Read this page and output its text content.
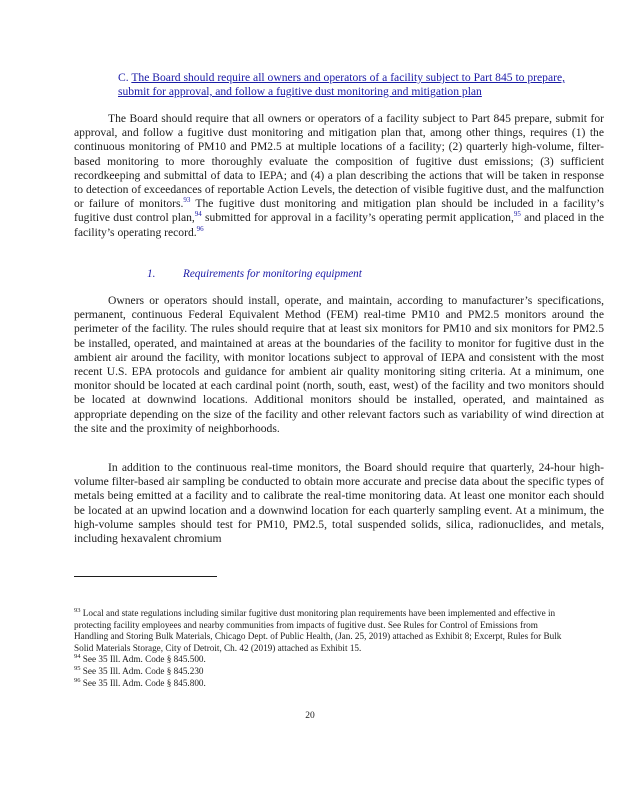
C. The Board should require all owners and operators of a facility subject to Part 845 to prepare, submit for approval, and follow a fugitive dust monitoring and mitigation plan
The Board should require that all owners or operators of a facility subject to Part 845 prepare, submit for approval, and follow a fugitive dust monitoring and mitigation plan that, among other things, requires (1) the continuous monitoring of PM10 and PM2.5 at multiple locations of a facility; (2) quarterly high-volume, filter-based monitoring to more thoroughly evaluate the composition of fugitive dust emissions; (3) sufficient recordkeeping and submittal of data to IEPA; and (4) a plan describing the actions that will be taken in response to detection of exceedances of reportable Action Levels, the detection of visible fugitive dust, and the malfunction or failure of monitors.$^{93}$ The fugitive dust monitoring and mitigation plan should be included in a facility’s fugitive dust control plan,$^{94}$ submitted for approval in a facility’s operating permit application,$^{95}$ and placed in the facility’s operating record.$^{96}$
1. Requirements for monitoring equipment
Owners or operators should install, operate, and maintain, according to manufacturer’s specifications, permanent, continuous Federal Equivalent Method (FEM) real-time PM10 and PM2.5 monitors around the perimeter of the facility. The rules should require that at least six monitors for PM10 and six monitors for PM2.5 be installed, operated, and maintained at areas at the boundaries of the facility to monitor for fugitive dust in the ambient air around the facility, with monitor locations subject to approval of IEPA and consistent with the most recent U.S. EPA protocols and guidance for ambient air quality monitoring siting criteria. At a minimum, one monitor should be located at each cardinal point (north, south, east, west) of the facility and two monitors should be located at downwind locations. Additional monitors should be installed, operated, and maintained as appropriate depending on the size of the facility and other relevant factors such as variability of wind direction at the site and the proximity of neighborhoods.
In addition to the continuous real-time monitors, the Board should require that quarterly, 24-hour high-volume filter-based air sampling be conducted to obtain more accurate and precise data about the specific types of metals being emitted at a facility and to calibrate the real-time monitoring data. At least one monitor each should be located at an upwind location and a downwind location for each quarterly sampling event. At a minimum, the high-volume samples should test for PM10, PM2.5, total suspended solids, silica, radionuclides, and metals, including hexavalent chromium

$^{93}$ Local and state regulations including similar fugitive dust monitoring plan requirements have been implemented and effective in protecting facility employees and nearby communities from impacts of fugitive dust. See Rules for Control of Emissions from Handling and Storing Bulk Materials, Chicago Dept. of Public Health, (Jan. 25, 2019) attached as Exhibit 8; Excerpt, Rules for Bulk Solid Materials Storage, City of Detroit, Ch. 42 (2019) attached as Exhibit 15.

$^{94}$ See 35 Ill. Adm. Code § 845.500.

$^{95}$ See 35 Ill. Adm. Code § 845.230

$^{96}$ See 35 Ill. Adm. Code § 845.800.

20
